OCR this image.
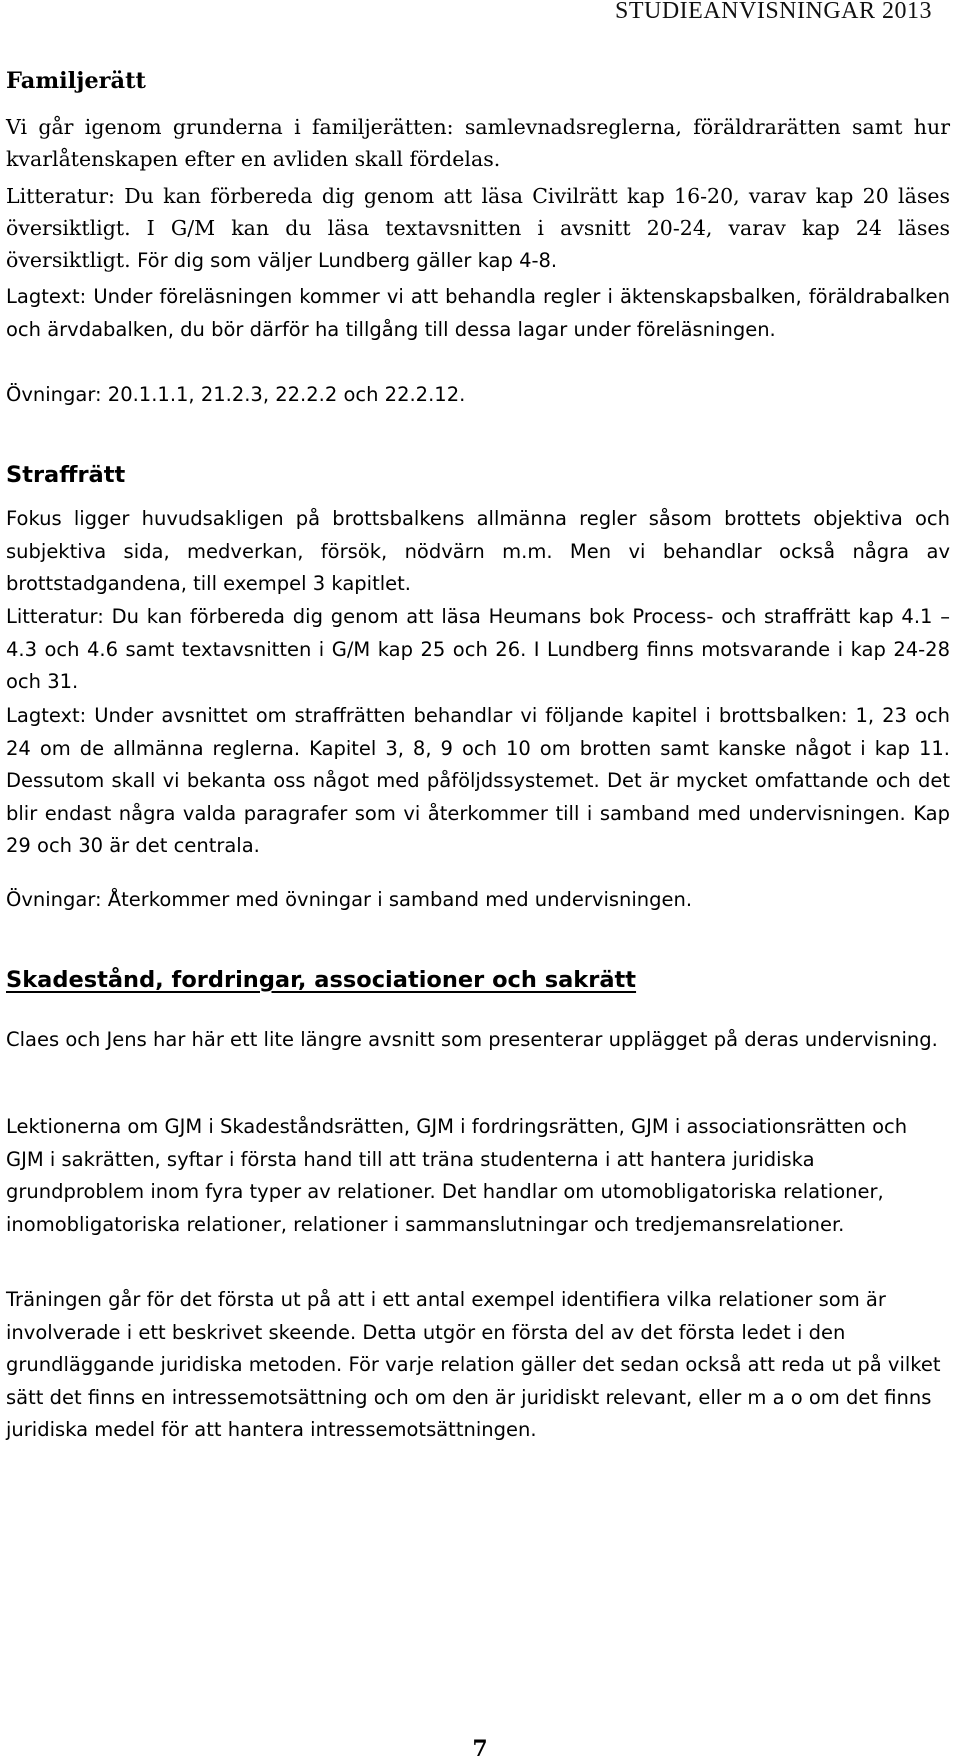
STUDIEANVISNINGAR 2013
Familjerätt

Vi går igenom grunderna i familjerätten: samlevnadsreglerna, föräldrarätten samt hur kvarlåtenskapen efter en avliden skall fördelas.

Litteratur: Du kan förbereda dig genom att läsa Civilrätt kap 16-20, varav kap 20 läses översiktligt. I G/M kan du läsa textavsnitten i avsnitt 20-24, varav kap 24 läses översiktligt. För dig som väljer Lundberg gäller kap 4-8.

Lagtext: Under föreläsningen kommer vi att behandla regler i äktenskapsbalken, föräldrabalken och ärvdabalken, du bör därför ha tillgång till dessa lagar under föreläsningen.

Övningar: 20.1.1.1, 21.2.3, 22.2.2 och 22.2.12.

Straffrätt

Fokus ligger huvudsakligen på brottsbalkens allmänna regler såsom brottets objektiva och subjektiva sida, medverkan, försök, nödvärn m.m. Men vi behandlar också några av brottstadgandena, till exempel 3 kapitlet.

Litteratur: Du kan förbereda dig genom att läsa Heumans bok Process- och straffrätt kap 4.1 – 4.3 och 4.6 samt textavsnitten i G/M kap 25 och 26. I Lundberg finns motsvarande i kap 24-28 och 31.

Lagtext: Under avsnittet om straffrätten behandlar vi följande kapitel i brottsbalken: 1, 23 och 24 om de allmänna reglerna. Kapitel 3, 8, 9 och 10 om brotten samt kanske något i kap 11. Dessutom skall vi bekanta oss något med påföljdssystemet. Det är mycket omfattande och det blir endast några valda paragrafer som vi återkommer till i samband med undervisningen. Kap 29 och 30 är det centrala.

Övningar: Återkommer med övningar i samband med undervisningen.

Skadestånd, fordringar, associationer och sakrätt

Claes och Jens har här ett lite längre avsnitt som presenterar upplägget på deras undervisning.

Lektionerna om GJM i Skadeståndsrätten, GJM i fordringsrätten, GJM i associationsrätten och GJM i sakrätten, syftar i första hand till att träna studenterna i att hantera juridiska grundproblem inom fyra typer av relationer. Det handlar om utomobligatoriska relationer, inomobligatoriska relationer, relationer i sammanslutningar och tredjemansrelationer.

Träningen går för det första ut på att i ett antal exempel identifiera vilka relationer som är involverade i ett beskrivet skeende. Detta utgör en första del av det första ledet i den grundläggande juridiska metoden. För varje relation gäller det sedan också att reda ut på vilket sätt det finns en intressemotsättning och om den är juridiskt relevant, eller m a o om det finns juridiska medel för att hantera intressemotsättningen.

7
